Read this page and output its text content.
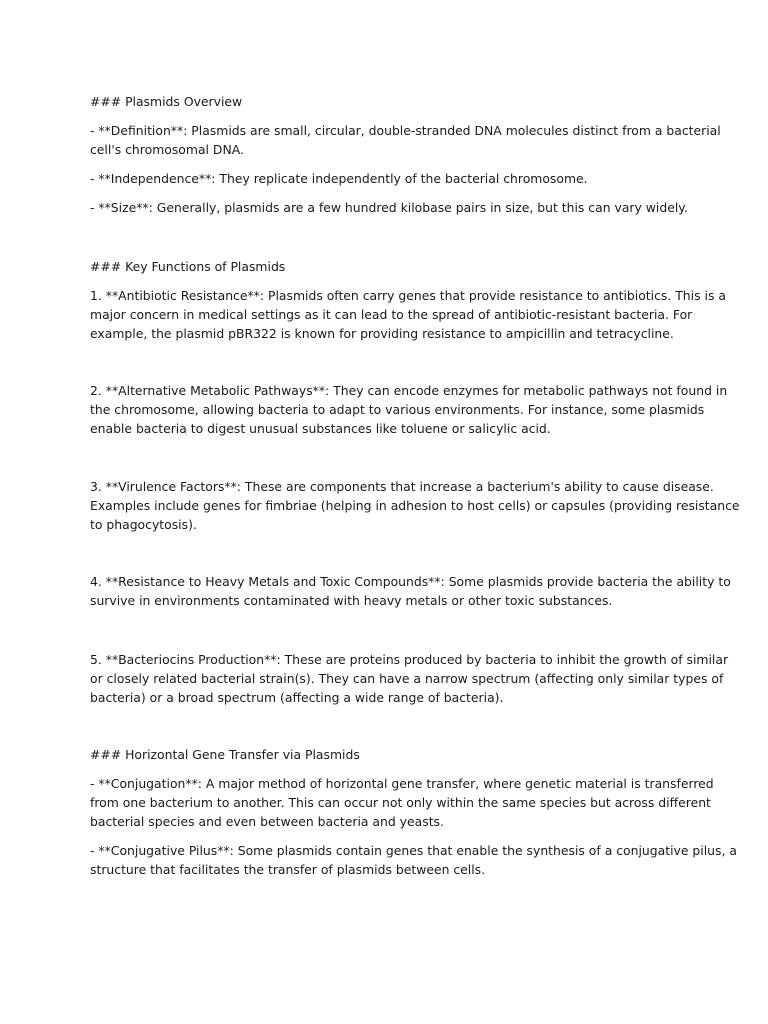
### Plasmids Overview

- **Definition**: Plasmids are small, circular, double-stranded DNA molecules distinct from a bacterial

cell's chromosomal DNA.

- **Independence**: They replicate independently of the bacterial chromosome.

- **Size**: Generally, plasmids are a few hundred kilobase pairs in size, but this can vary widely.

### Key Functions of Plasmids

1. **Antibiotic Resistance**: Plasmids often carry genes that provide resistance to antibiotics. This is a

major concern in medical settings as it can lead to the spread of antibiotic-resistant bacteria. For

example, the plasmid pBR322 is known for providing resistance to ampicillin and tetracycline.

2. **Alternative Metabolic Pathways**: They can encode enzymes for metabolic pathways not found in

the chromosome, allowing bacteria to adapt to various environments. For instance, some plasmids

enable bacteria to digest unusual substances like toluene or salicylic acid.

3. **Virulence Factors**: These are components that increase a bacterium's ability to cause disease.

Examples include genes for fimbriae (helping in adhesion to host cells) or capsules (providing resistance

to phagocytosis).

4. **Resistance to Heavy Metals and Toxic Compounds**: Some plasmids provide bacteria the ability to

survive in environments contaminated with heavy metals or other toxic substances.

5. **Bacteriocins Production**: These are proteins produced by bacteria to inhibit the growth of similar

or closely related bacterial strain(s). They can have a narrow spectrum (affecting only similar types of

bacteria) or a broad spectrum (affecting a wide range of bacteria).

### Horizontal Gene Transfer via Plasmids

- **Conjugation**: A major method of horizontal gene transfer, where genetic material is transferred

from one bacterium to another. This can occur not only within the same species but across different

bacterial species and even between bacteria and yeasts.

- **Conjugative Pilus**: Some plasmids contain genes that enable the synthesis of a conjugative pilus, a

structure that facilitates the transfer of plasmids between cells.
